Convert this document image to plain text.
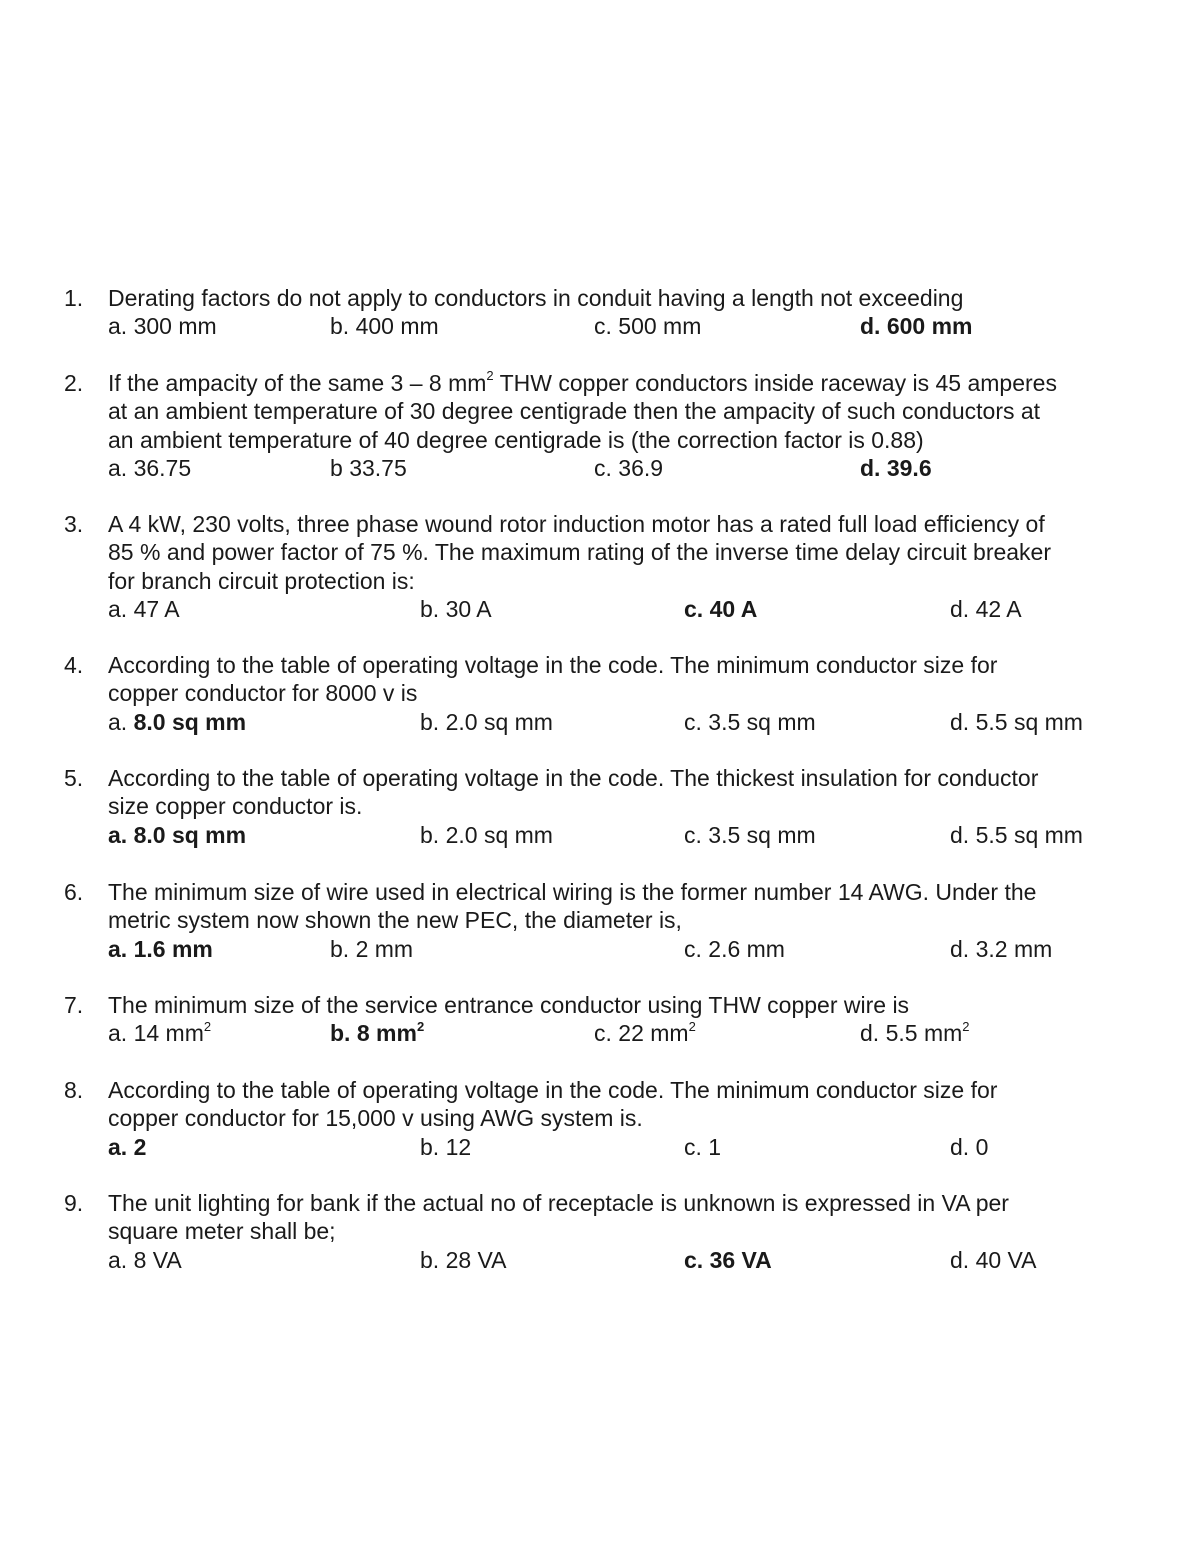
1. Derating factors do not apply to conductors in conduit having a length not exceeding
a. 300 mm	b. 400 mm	c. 500 mm	d. 600 mm
2. If the ampacity of the same 3 – 8 $mm^2$ THW copper conductors inside raceway is 45 amperes
at an ambient temperature of 30 degree centigrade then the ampacity of such conductors at
an ambient temperature of 40 degree centigrade is (the correction factor is 0.88)
a. 36.75	b 33.75	c. 36.9	d. 39.6
3. A 4 kW, 230 volts, three phase wound rotor induction motor has a rated full load efficiency of
85 % and power factor of 75 %. The maximum rating of the inverse time delay circuit breaker
for branch circuit protection is:
a. 47 A	b. 30 A	c. 40 A	d. 42 A
4. According to the table of operating voltage in the code. The minimum conductor size for
copper conductor for 8000 v is
a. 8.0 sq mm	b. 2.0 sq mm	c. 3.5 sq mm	d. 5.5 sq mm
5. According to the table of operating voltage in the code. The thickest insulation for conductor
size copper conductor is.
a. 8.0 sq mm	b. 2.0 sq mm	c. 3.5 sq mm	d. 5.5 sq mm
6. The minimum size of wire used in electrical wiring is the former number 14 AWG. Under the
metric system now shown the new PEC, the diameter is,
a. 1.6 mm	b. 2 mm	c. 2.6 mm	d. 3.2 mm
7. The minimum size of the service entrance conductor using THW copper wire is
a. 14 $mm^2$	b. 8 $mm^2$	c. 22 $mm^2$	d. 5.5 $mm^2$
8. According to the table of operating voltage in the code. The minimum conductor size for
copper conductor for 15,000 v using AWG system is.
a. 2	b. 12	c. 1	d. 0
9. The unit lighting for bank if the actual no of receptacle is unknown is expressed in VA per
square meter shall be;
a. 8 VA	b. 28 VA	c. 36 VA	d. 40 VA
